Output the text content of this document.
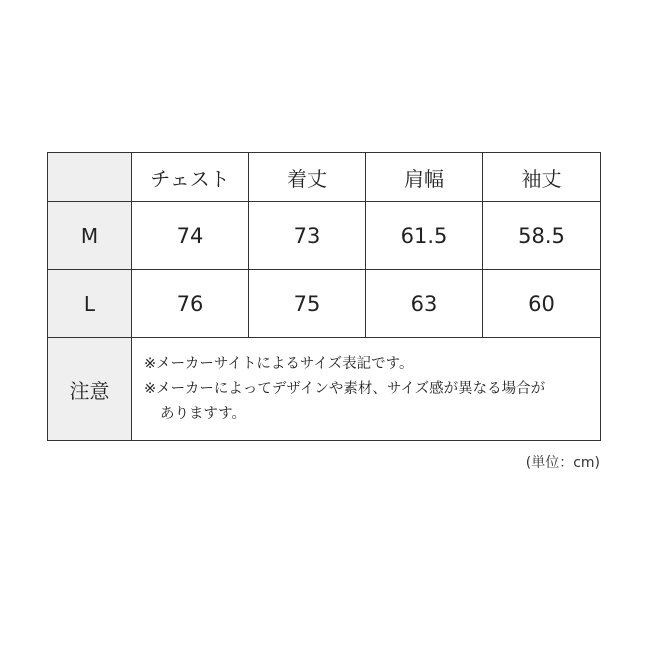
	チェスト	着丈	肩幅	袖丈
M	74	73	61.5	58.5
L	76	75	63	60
注意	※メーカーサイトによるサイズ表記です。
※メーカーによってデザインや素材、サイズ感が異なる場合が
ありますす。			
(単位：cm)
